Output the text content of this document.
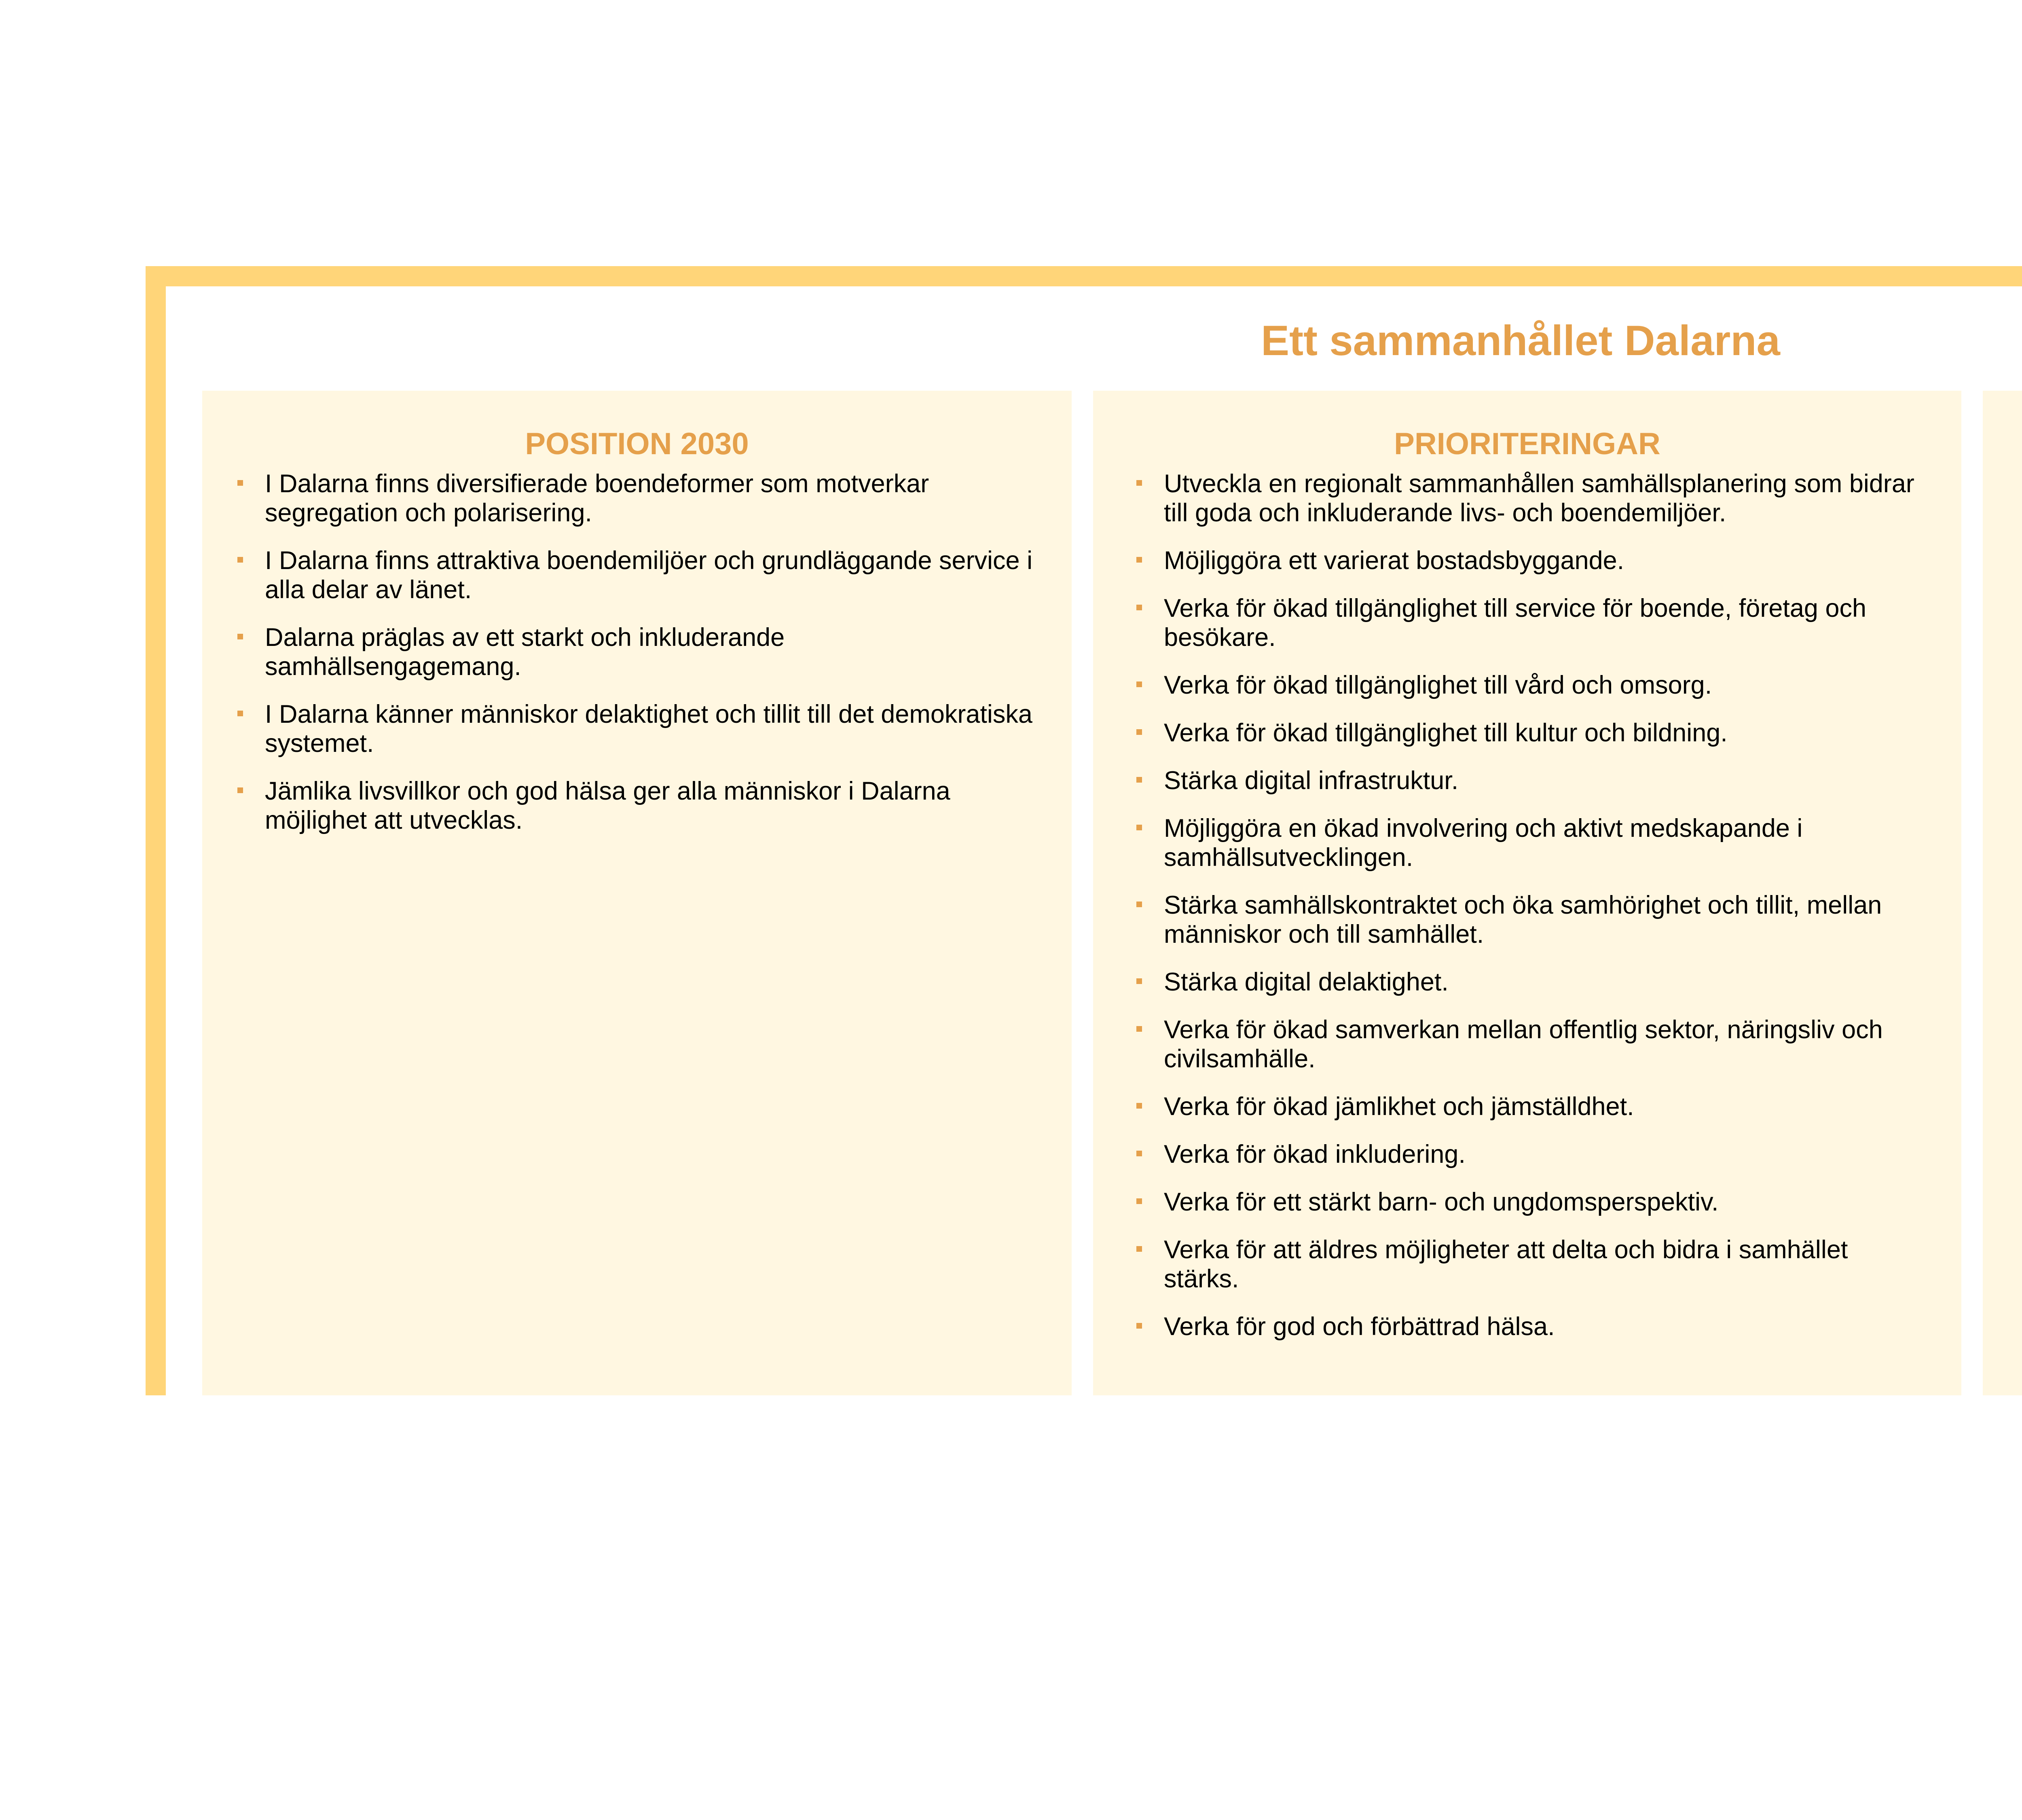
Ett sammanhållet Dalarna
POSITION 2030
I Dalarna finns diversifierade boendeformer som motverkar segregation och polarisering.
I Dalarna finns attraktiva boendemiljöer och grundläggande service i alla delar av länet.
Dalarna präglas av ett starkt och inkluderande samhällsengagemang.
I Dalarna känner människor delaktighet och tillit till det demokratiska systemet.
Jämlika livsvillkor och god hälsa ger alla människor i Dalarna möjlighet att utvecklas.
PRIORITERINGAR
Utveckla en regionalt sammanhållen samhällsplanering som bidrar till goda och inkluderande livs- och boendemiljöer.
Möjliggöra ett varierat bostadsbyggande.
Verka för ökad tillgänglighet till service för boende, företag och besökare.
Verka för ökad tillgänglighet till vård och omsorg.
Verka för ökad tillgänglighet till kultur och bildning.
Stärka digital infrastruktur.
Möjliggöra en ökad involvering och aktivt medskapande i samhällsutvecklingen.
Stärka samhällskontraktet och öka samhörighet och tillit, mellan människor och till samhället.
Stärka digital delaktighet.
Verka för ökad samverkan mellan offentlig sektor, näringsliv och civilsamhälle.
Verka för ökad jämlikhet och jämställdhet.
Verka för ökad inkludering.
Verka för ett stärkt barn- och ungdomsperspektiv.
Verka för att äldres möjligheter att delta och bidra i samhället stärks.
Verka för god och förbättrad hälsa.
